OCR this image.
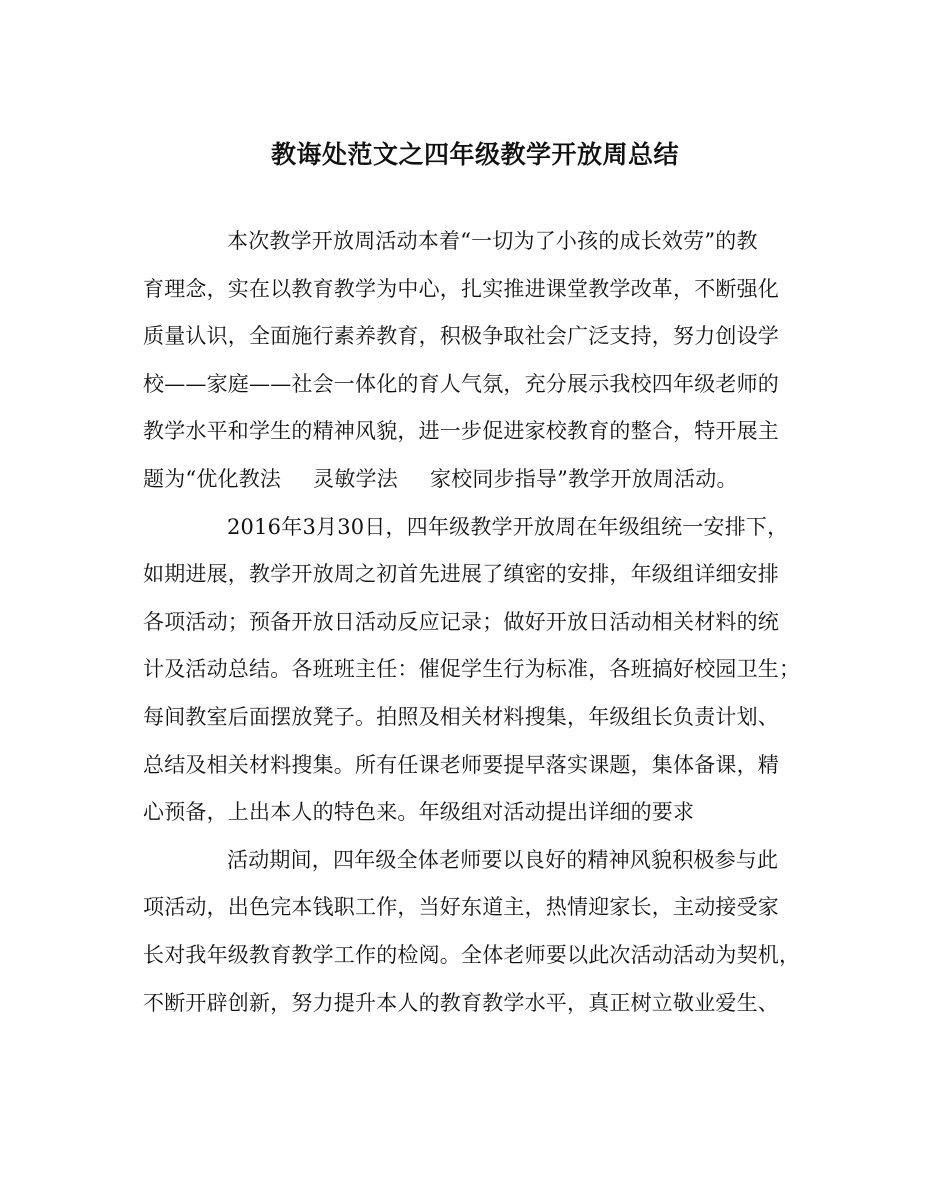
教诲处范文之四年级教学开放周总结
本次教学开放周活动本着“一切为了小孩的成长效劳”的教
育理念，实在以教育教学为中心，扎实推进课堂教学改革，不断强化
质量认识，全面施行素养教育，积极争取社会广泛支持，努力创设学
校——家庭——社会一体化的育人气氛，充分展示我校四年级老师的
教学水平和学生的精神风貌，进一步促进家校教育的整合，特开展主
题为“优化教法 灵敏学法 家校同步指导”教学开放周活动。
2016年3月30日，四年级教学开放周在年级组统一安排下，
如期进展，教学开放周之初首先进展了缜密的安排，年级组详细安排
各项活动；预备开放日活动反应记录；做好开放日活动相关材料的统
计及活动总结。各班班主任：催促学生行为标准，各班搞好校园卫生；
每间教室后面摆放凳子。拍照及相关材料搜集，年级组长负责计划、
总结及相关材料搜集。所有任课老师要提早落实课题，集体备课，精
心预备，上出本人的特色来。年级组对活动提出详细的要求
活动期间，四年级全体老师要以良好的精神风貌积极参与此
项活动，出色完本钱职工作，当好东道主，热情迎家长，主动接受家
长对我年级教育教学工作的检阅。全体老师要以此次活动活动为契机，
不断开辟创新，努力提升本人的教育教学水平，真正树立敬业爱生、
